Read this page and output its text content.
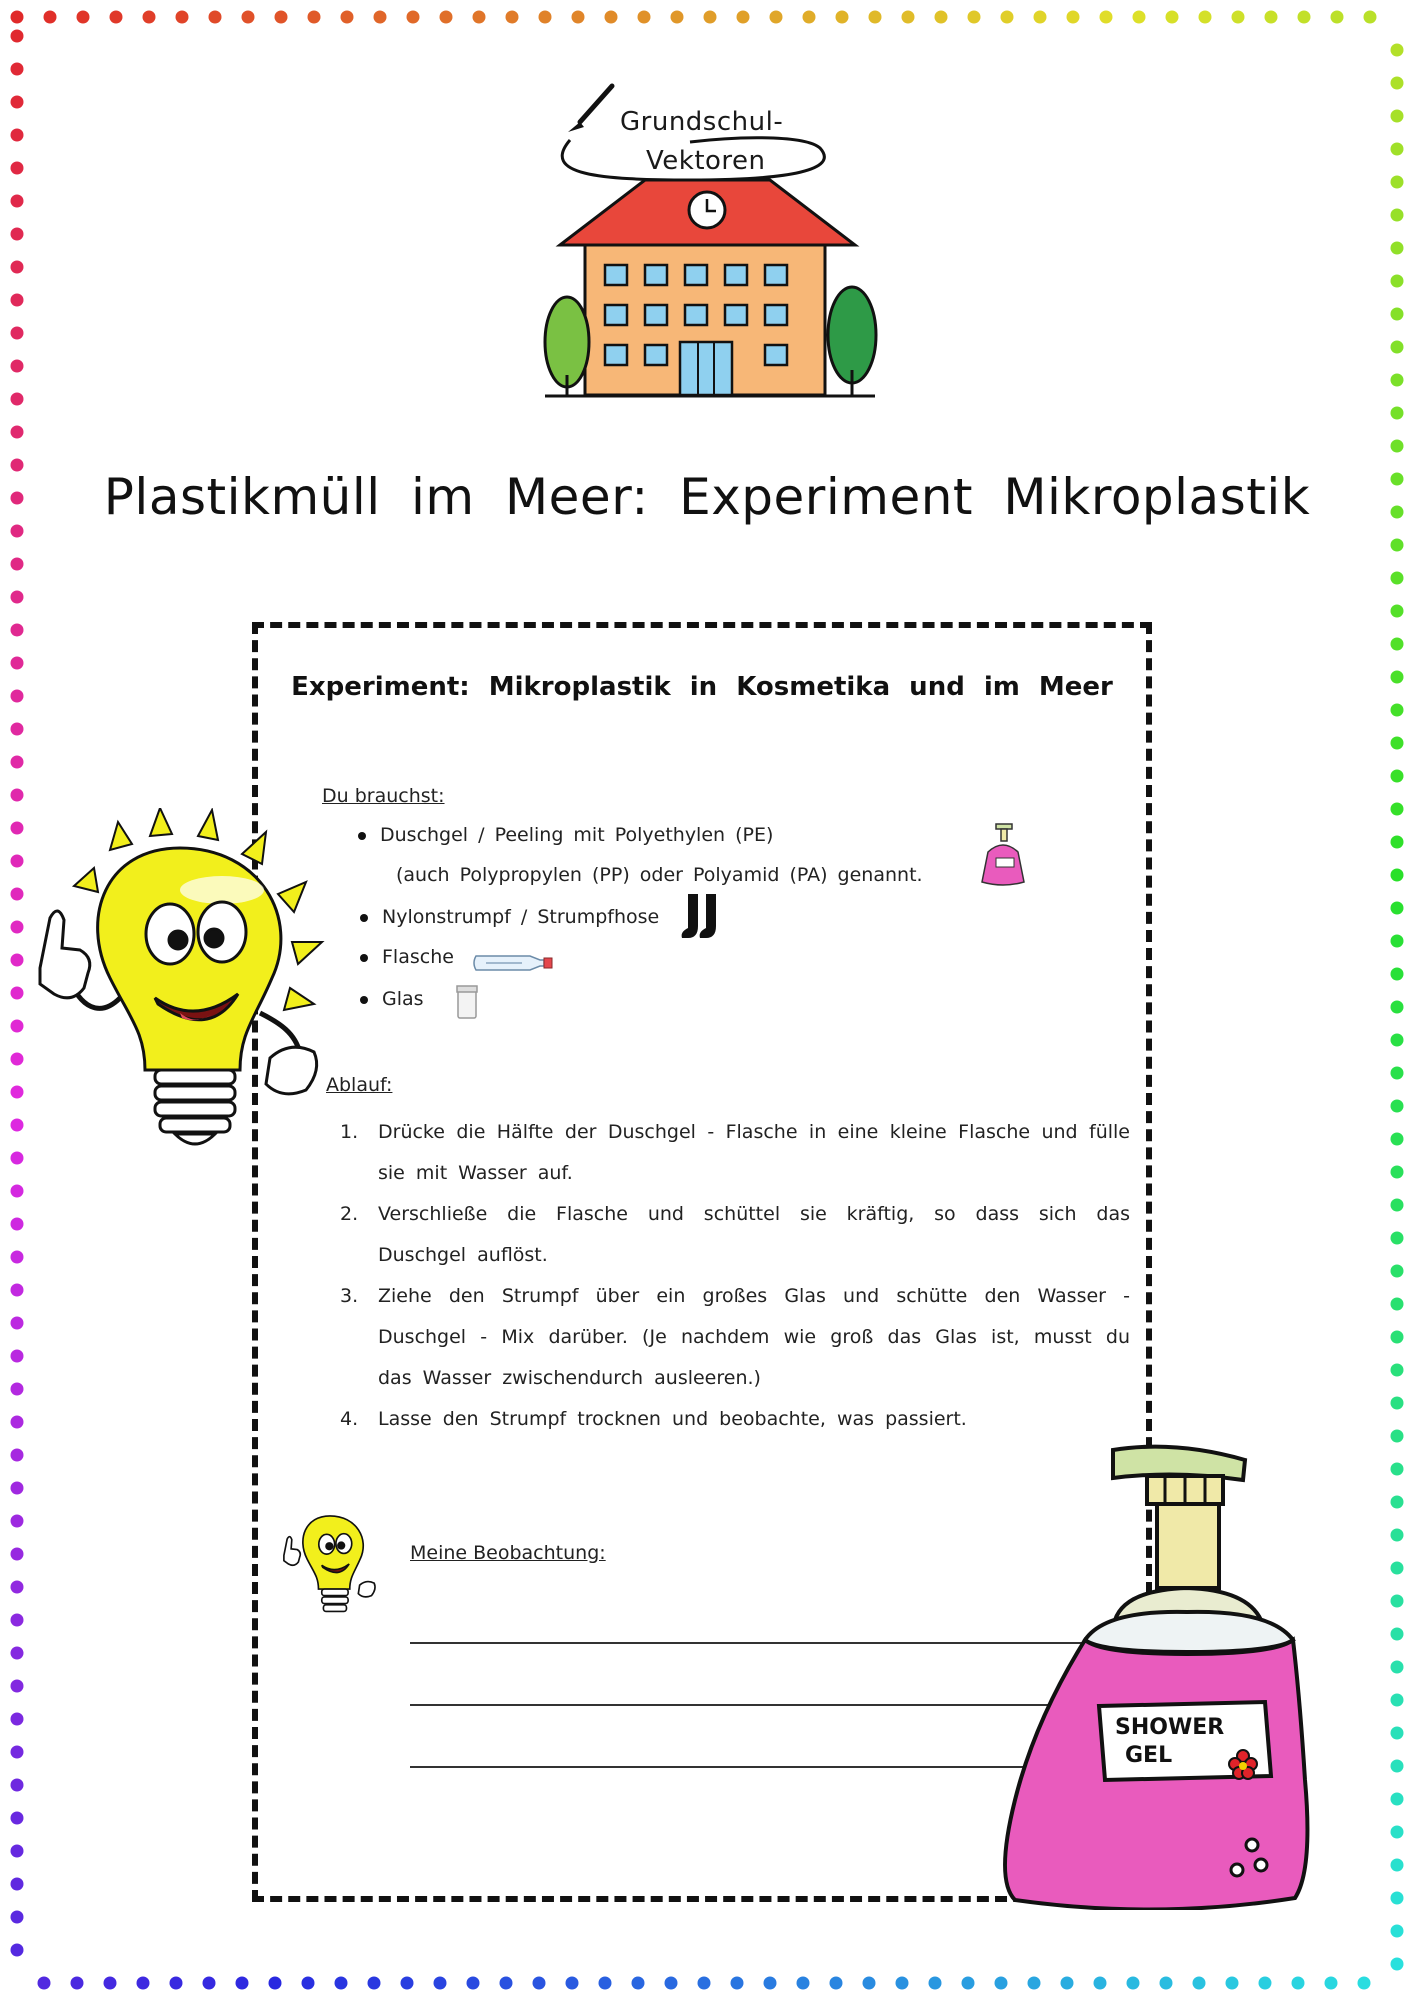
Grundschul-
Vektoren
Plastikmüll im Meer: Experiment Mikroplastik
Experiment: Mikroplastik in Kosmetika und im Meer
Du brauchst:
Duschgel / Peeling mit Polyethylen (PE)
(auch Polypropylen (PP) oder Polyamid (PA) genannt.
Nylonstrumpf / Strumpfhose
Flasche
Glas
Ablauf:

1. Drücke die Hälfte der Duschgel - Flasche in eine kleine Flasche und fülle sie mit Wasser auf.

2. Verschließe die Flasche und schüttel sie kräftig, so dass sich das Duschgel auflöst.

3. Ziehe den Strumpf über ein großes Glas und schütte den Wasser - Duschgel - Mix darüber. (Je nachdem wie groß das Glas ist, musst du das Wasser zwischendurch ausleeren.)

4. Lasse den Strumpf trocknen und beobachte, was passiert.

Meine Beobachtung:
SHOWER
GEL
